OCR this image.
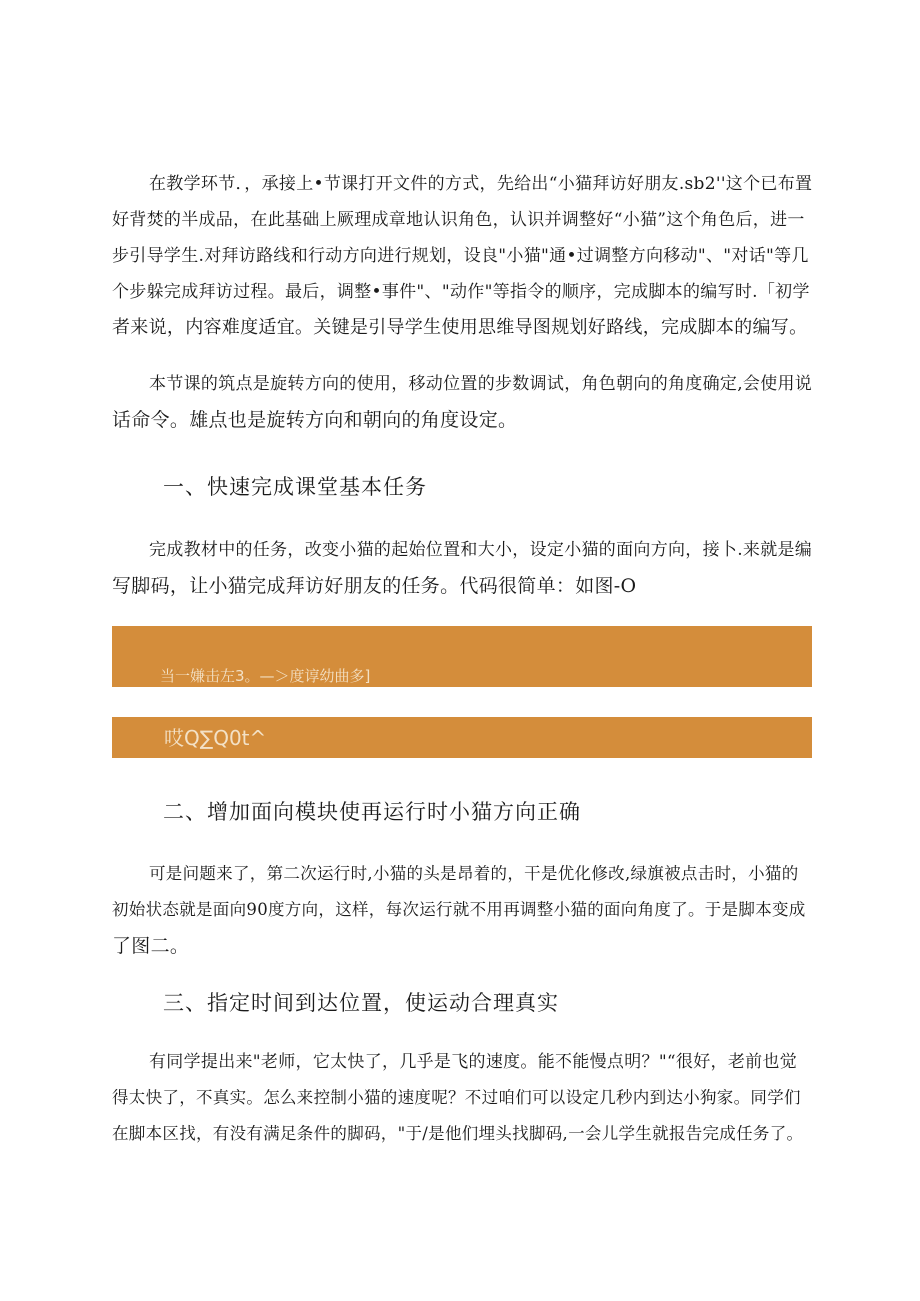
在教学环节．，承接上•节课打开文件的方式，先给出“小猫拜访好朋友.sb2''这个已布置
好背焚的半成品，在此基础上厥理成章地认识角色，认识并调整好“小猫”这个角色后，进一
步引导学生.对拜访路线和行动方向进行规划，设良"小猫"通•过调整方向移动"、"对话"等几
个步躲完成拜访过程。最后，调整•事件"、"动作"等指令的顺序，完成脚本的编写时.「初学
者来说，内容难度适宜。关键是引导学生使用思维导图规划好路线，完成脚本的编写。
本节课的筑点是旋转方向的使用，移动位置的步数调试，角色朝向的角度确定,会使用说
话命令。雄点也是旋转方向和朝向的角度设定。
一、快速完成课堂基本任务
完成教材中的任务，改变小猫的起始位置和大小，设定小猫的面向方向，接卜.来就是编
写脚码，让小猫完成拜访好朋友的任务。代码很简单：如图-O
当一嫌击左3。—＞度谆幼曲多]
哎Q∑Q0t^
二、增加面向模块使再运行时小猫方向正确
可是问题来了，第二次运行时,小猫的头是昂着的，干是优化修改,绿旗被点击时，小猫的
初始状态就是面向90度方向，这样，每次运行就不用再调整小猫的面向角度了。于是脚本变成
了图二。
三、指定时间到达位置，使运动合理真实
有同学提出来"老师，它太快了，几乎是飞的速度。能不能慢点明？"“很好，老前也觉
得太快了，不真实。怎么来控制小猫的速度呢？不过咱们可以设定几秒内到达小狗家。同学们
在脚本区找，有没有满足条件的脚码，"于/是他们埋头找脚码,一会儿学生就报告完成任务了。
